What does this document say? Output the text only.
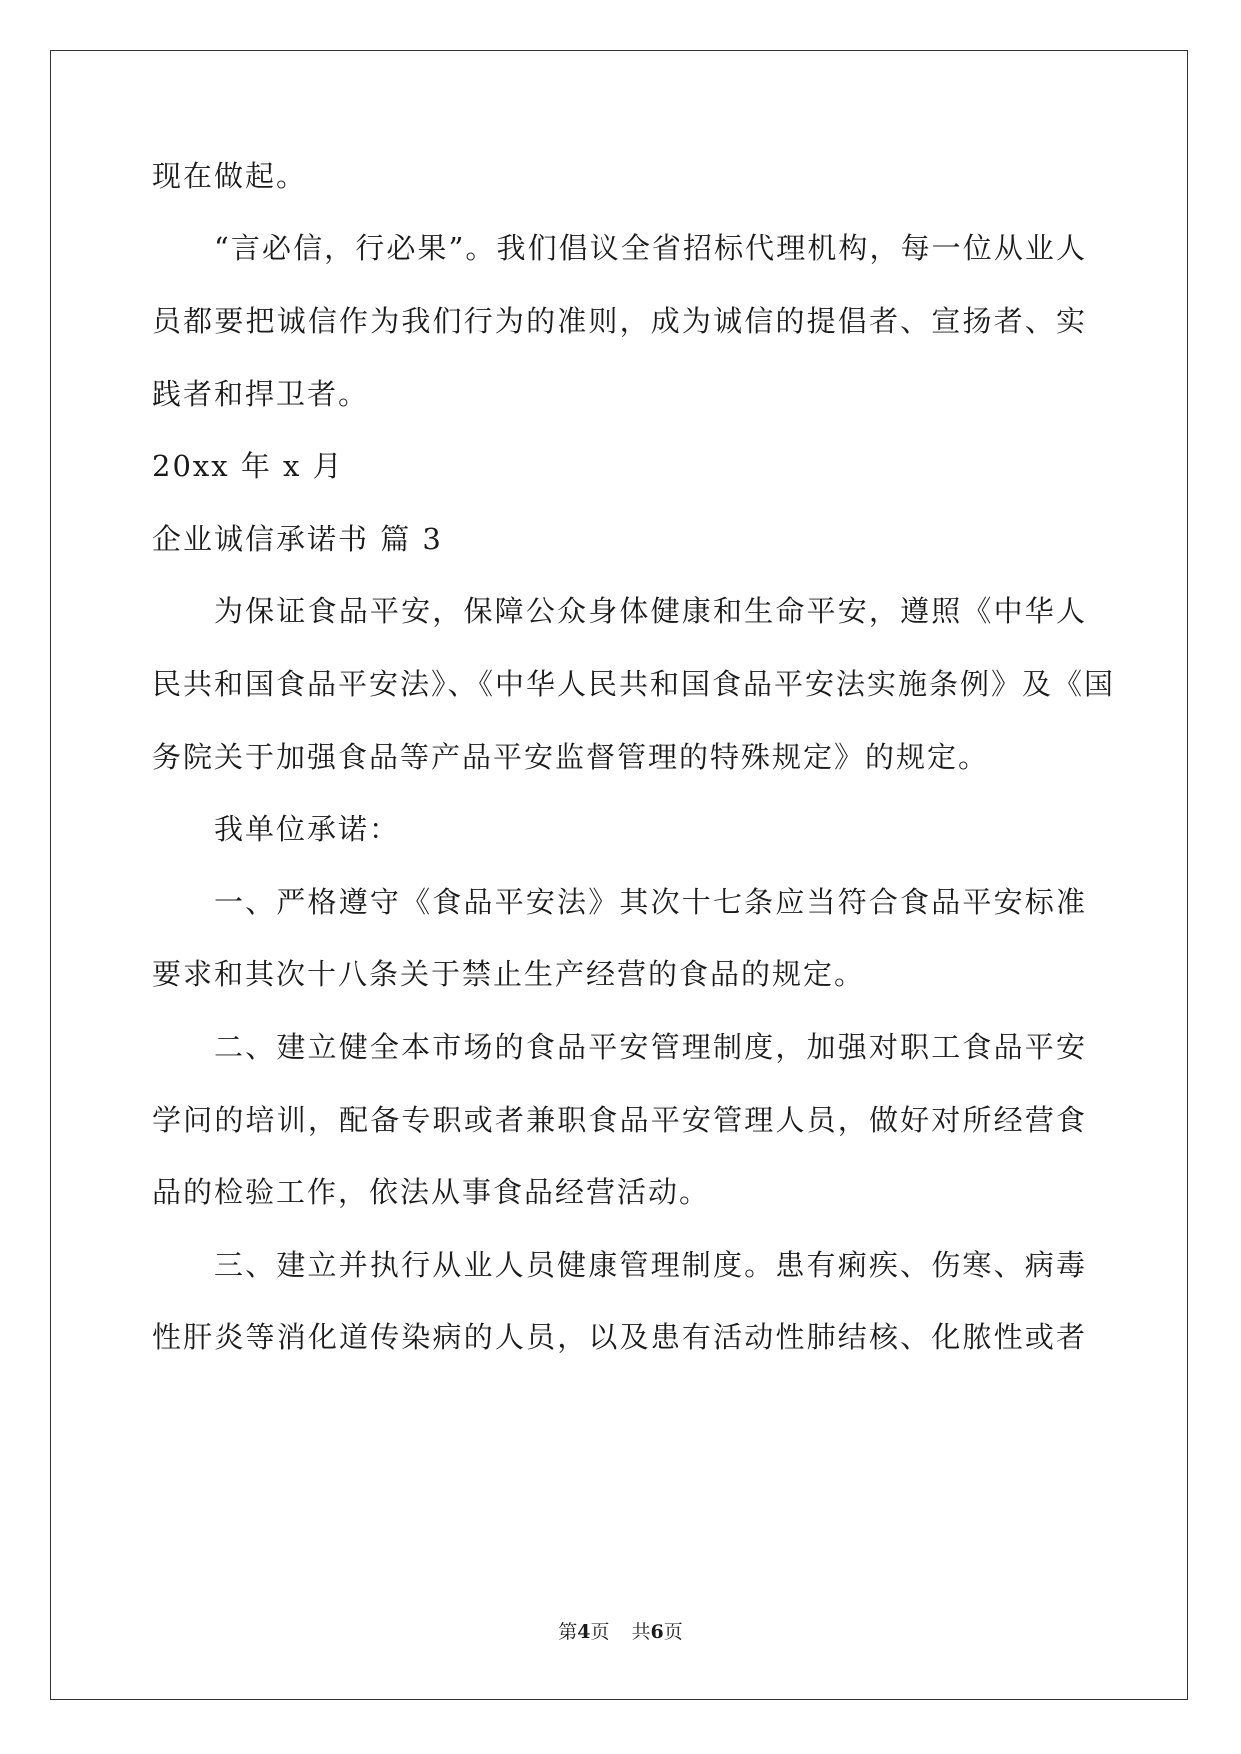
现在做起。
“言必信，行必果”。我们倡议全省招标代理机构，每一位从业人
员都要把诚信作为我们行为的准则，成为诚信的提倡者、宣扬者、实
践者和捍卫者。
20xx 年 x 月
企业诚信承诺书 篇 3
为保证食品平安，保障公众身体健康和生命平安，遵照《中华人
民共和国食品平安法》、《中华人民共和国食品平安法实施条例》及《国
务院关于加强食品等产品平安监督管理的特殊规定》的规定。
我单位承诺：
一、严格遵守《食品平安法》其次十七条应当符合食品平安标准
要求和其次十八条关于禁止生产经营的食品的规定。
二、建立健全本市场的食品平安管理制度，加强对职工食品平安
学问的培训，配备专职或者兼职食品平安管理人员，做好对所经营食
品的检验工作，依法从事食品经营活动。
三、建立并执行从业人员健康管理制度。患有痢疾、伤寒、病毒
性肝炎等消化道传染病的人员，以及患有活动性肺结核、化脓性或者
第4页 共6页
